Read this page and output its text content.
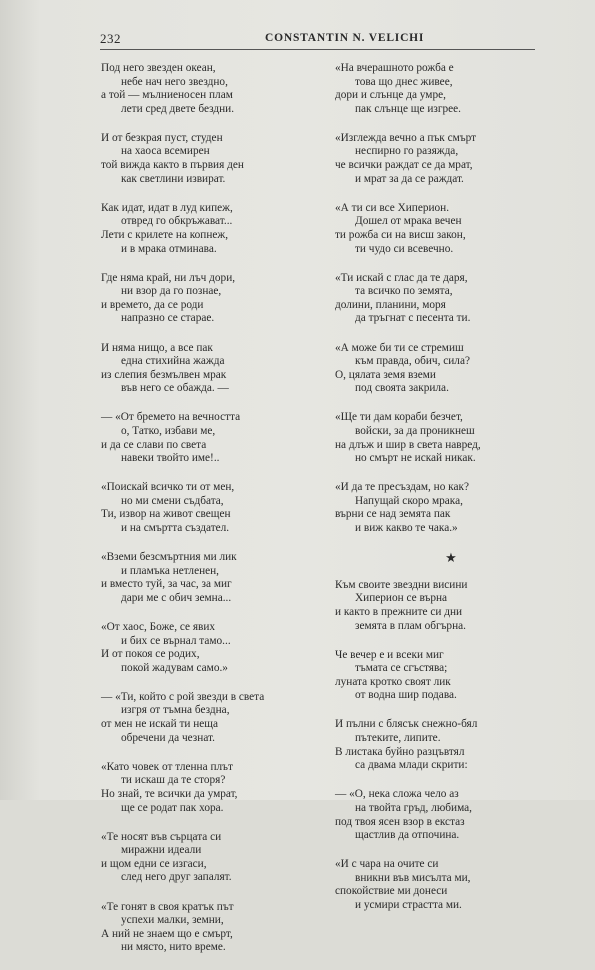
232	CONSTANTIN N. VELICHI
Под него звезден океан,
небе нач него звездно,
а той — мълниеносен плам
лети сред двете бездни.
И от безкрая пуст, студен
на хаоса всемирен
той вижда както в първия ден
как светлини извират.
Как идат, идат в луд кипеж,
отвред го обкръжават...
Лети с крилете на копнеж,
и в мрака отминава.
Где няма край, ни лъч дори,
ни взор да го познае,
и времето, да се роди
напразно се старае.
И няма нищо, а все пак
една стихийна жажда
из слепия безмълвен мрак
във него се обажда. —
— «От бремето на вечността
о, Татко, избави ме,
и да се слави по света
навеки твойто име!..
«Поискай всичко ти от мен,
но ми смени съдбата,
Ти, извор на живот свещен
и на смъртта създател.
«Вземи безсмъртния ми лик
и пламъка нетленен,
и вместо туй, за час, за миг
дари ме с обич земна...
«От хаос, Боже, се явих
и бих се върнал тамо...
И от покоя се родих,
покой жадувам само.»
— «Ти, който с рой звезди в света
изгря от тъмна бездна,
от мен не искай ти неща
обречени да чезнат.
«Като човек от тленна плът
ти искаш да те сторя?
Но знай, те всички да умрат,
ще се родат пак хора.
«Те носят във сърцата си
миражни идеали
и щом едни се изгаси,
след него друг запалят.
«Те гонят в своя кратък път
успехи малки, земни,
А ний не знаем що е смърт,
ни място, нито време.
«На вчерашното рожба е
това що днес живее,
дори и слънце да умре,
пак слънце ще изгрее.
«Изглежда вечно а пък смърт
неспирно го разяжда,
че всички раждат се да мрат,
и мрат за да се раждат.
«А ти си все Хиперион.
Дошел от мрака вечен
ти рожба си на висш закон,
ти чудо си всевечно.
«Ти искай с глас да те даря,
та всичко по земята,
долини, планини, моря
да тръгнат с песента ти.
«А може би ти се стремиш
към правда, обич, сила?
О, цялата земя вземи
под своята закрила.
«Ще ти дам кораби безчет,
войски, за да проникнеш
на длъж и шир в света навред,
но смърт не искай никак.
«И да те пресъздам, но как?
Напущай скоро мрака,
върни се над земята пак
и виж какво те чака.»
★
Към своите звездни висини
Хиперион се върна
и както в прежните си дни
земята в плам обгърна.
Че вечер е и всеки миг
тъмата се сгъстява;
луната кротко своят лик
от водна шир подава.
И пълни с блясък снежно-бял
пътеките, липите.
В листака буйно разцъвтял
са двама млади скрити:
— «О, нека сложа чело аз
на твойта гръд, любима,
под твоя ясен взор в екстаз
щастлив да отпочина.
«И с чара на очите си
вникни във мисълта ми,
спокойствие ми донеси
и усмири страстта ми.
